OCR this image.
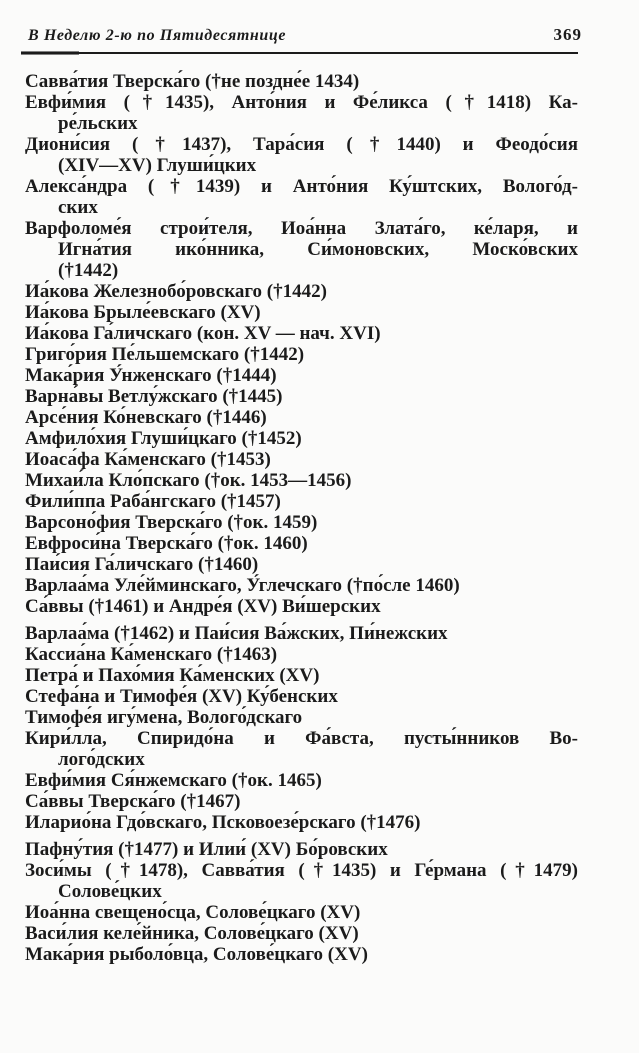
В Неделю 2-ю по Пятидесятнице	369
Савва́тия Тверска́го (†не поздне́е 1434)
Евфи́мия (†1435), Анто́ния и Фе́ликса (†1418) Ка-
ре́льских
Диони́сия (†1437), Тара́сия (†1440) и Феодо́сия
(XIV—XV) Глуши́цких
Алекса́ндра (†1439) и Анто́ния Ку́штских, Волого́д-
ских
Варфоломе́я строи́теля, Иоа́нна Злата́го, ке́ларя, и
Игна́тия ико́нника, Си́моновских, Моско́вских
(†1442)
Иа́кова Железнобо́ровскаго (†1442)
Иа́кова Брыле́евскаго (XV)
Иа́кова Га́личскаго (кон. XV — нач. XVI)
Григо́рия Пе́льшемскаго (†1442)
Мака́рия У́нженскаго (†1444)
Варна́вы Ветлу́жскаго (†1445)
Арсе́ния Ко́невскаго (†1446)
Амфило́хия Глуши́цкаго (†1452)
Иоаса́фа Ка́менскаго (†1453)
Михаи́ла Кло́пскаго (†ок. 1453—1456)
Фили́ппа Раба́нгскаго (†1457)
Варсоно́фия Тверска́го (†ок. 1459)
Евфроси́на Тверска́го (†ок. 1460)
Паи́сия Га́личскаго (†1460)
Варлаа́ма Уле́йминскаго, У́глечскаго (†по́сле 1460)
Са́ввы (†1461) и Андре́я (XV) Ви́шерских
Варлаа́ма (†1462) и Паи́сия Ва́жских, Пи́нежских
Кассиа́на Ка́менскаго (†1463)
Петра́ и Пахо́мия Ка́менских (XV)
Стефа́на и Тимофе́я (XV) Ку́бенских
Тимофе́я игу́мена, Волого́дскаго
Кири́лла, Спиридо́на и Фа́вста, пусты́нников Во-
лого́дских
Евфи́мия Ся́нжемскаго (†ок. 1465)
Са́ввы Тверска́го (†1467)
Иларио́на Гдо́вскаго, Псковоезе́рскаго (†1476)
Пафну́тия (†1477) и Илии́ (XV) Бо́ровских
Зоси́мы (†1478), Савва́тия (†1435) и Ге́рмана (†1479)
Солове́цких
Иоа́нна свещено́сца, Солове́цкаго (XV)
Васи́лия келе́йника, Солове́цкаго (XV)
Мака́рия рыболо́вца, Солове́цкаго (XV)
